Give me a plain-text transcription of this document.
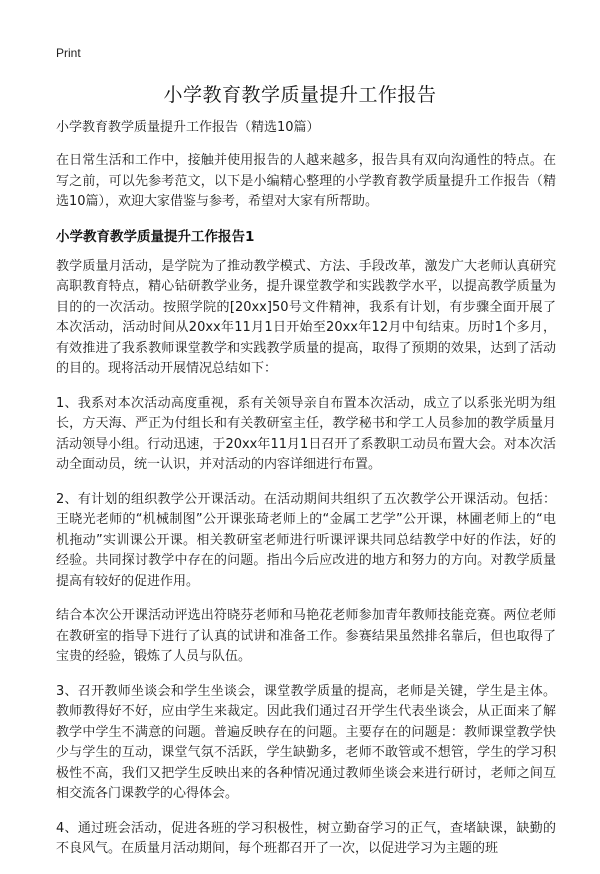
Print
小学教育教学质量提升工作报告

小学教育教学质量提升工作报告（精选10篇）

在日常生活和工作中，接触并使用报告的人越来越多，报告具有双向沟通性的特点。在写之前，可以先参考范文，以下是小编精心整理的小学教育教学质量提升工作报告（精选10篇），欢迎大家借鉴与参考，希望对大家有所帮助。

小学教育教学质量提升工作报告1

教学质量月活动，是学院为了推动教学模式、方法、手段改革，激发广大老师认真研究高职教育特点，精心钻研教学业务，提升课堂教学和实践教学水平，以提高教学质量为目的的一次活动。按照学院的[20xx]50号文件精神，我系有计划，有步骤全面开展了本次活动，活动时间从20xx年11月1日开始至20xx年12月中旬结束。历时1个多月，有效推进了我系教师课堂教学和实践教学质量的提高，取得了预期的效果，达到了活动的目的。现将活动开展情况总结如下：

1、我系对本次活动高度重视，系有关领导亲自布置本次活动，成立了以系张光明为组长，方天海、严正为付组长和有关教研室主任，教学秘书和学工人员参加的教学质量月活动领导小组。行动迅速，于20xx年11月1日召开了系教职工动员布置大会。对本次活动全面动员，统一认识，并对活动的内容详细进行布置。

2、有计划的组织教学公开课活动。在活动期间共组织了五次教学公开课活动。包括：王晓光老师的“机械制图”公开课张琦老师上的“金属工艺学”公开课，林圃老师上的“电机拖动”实训课公开课。相关教研室老师进行听课评课共同总结教学中好的作法，好的经验。共同探讨教学中存在的问题。指出今后应改进的地方和努力的方向。对教学质量提高有较好的促进作用。

结合本次公开课活动评选出符晓芬老师和马艳花老师参加青年教师技能竞赛。两位老师在教研室的指导下进行了认真的试讲和准备工作。参赛结果虽然排名靠后，但也取得了宝贵的经验，锻炼了人员与队伍。

3、召开教师坐谈会和学生坐谈会，课堂教学质量的提高，老师是关键，学生是主体。教师教得好不好，应由学生来裁定。因此我们通过召开学生代表坐谈会，从正面来了解教学中学生不满意的问题。普遍反映存在的问题。主要存在的问题是：教师课堂教学快少与学生的互动，课堂气氛不活跃，学生缺勤多，老师不敢管或不想管，学生的学习积极性不高，我们又把学生反映出来的各种情况通过教师坐谈会来进行研讨，老师之间互相交流各门课教学的心得体会。

4、通过班会活动，促进各班的学习积极性，树立勤奋学习的正气，查堵缺课，缺勤的不良风气。在质量月活动期间，每个班都召开了一次，以促进学习为主题的班
